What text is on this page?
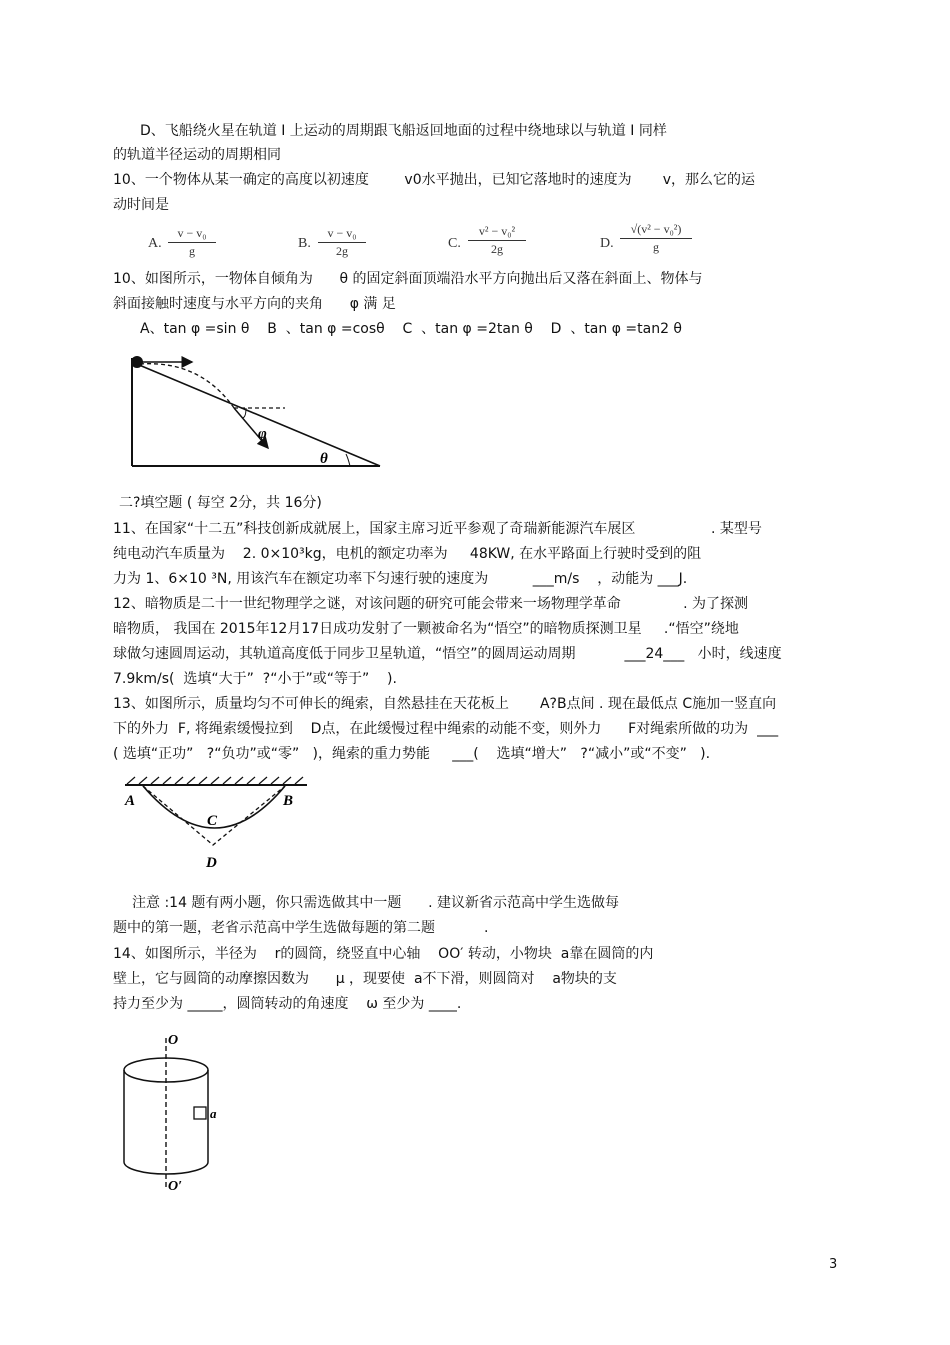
D、飞船绕火星在轨道 I 上运动的周期跟飞船返回地面的过程中绕地球以与轨道 I 同样
的轨道半径运动的周期相同
10、一个物体从某一确定的高度以初速度        v0水平抛出，已知它落地时的速度为       v，那么它的运
动时间是
A. $\frac{\text{v − v₀}}{g}$	B. $\frac{\text{v − v₀}}{2g}$	C. $\frac{\text{v² − v₀²}}{2g}$	D. $\frac{\text{√(v² − v₀²)}}{g}$
10、如图所示，一物体自倾角为      θ 的固定斜面顶端沿水平方向抛出后又落在斜面上、物体与
斜面接触时速度与水平方向的夹角      φ 满 足
A、tan φ =sin θ    B  、tan φ =cosθ    C  、tan φ =2tan θ    D  、tan φ =tan2 θ
φ
θ
二?填空题 ( 每空 2分，共 16分)
11、在国家“十二五”科技创新成就展上，国家主席习近平参观了奇瑞新能源汽车展区                 . 某型号
纯电动汽车质量为    2. 0×10³kg，电机的额定功率为     48KW, 在水平路面上行驶时受到的阻
力为 1、6×10 ³N, 用该汽车在额定功率下匀速行驶的速度为          ___m/s    ，动能为 ___J.
12、暗物质是二十一世纪物理学之谜，对该问题的研究可能会带来一场物理学革命              . 为了探测
暗物质， 我国在 2015年12月17日成功发射了一颗被命名为“悟空”的暗物质探测卫星     .“悟空”绕地
球做匀速圆周运动，其轨道高度低于同步卫星轨道，“悟空”的圆周运动周期           ___24___   小时，线速度
7.9km/s(  选填“大于”  ?“小于”或“等于”    ).
13、如图所示，质量均匀不可伸长的绳索，自然悬挂在天花板上       A?B点间 . 现在最低点 C施加一竖直向
下的外力  F, 将绳索缓慢拉到    D点，在此缓慢过程中绳索的动能不变，则外力      F对绳索所做的功为  ___
( 选填“正功”   ?“负功”或“零”   )，绳索的重力势能     ___(    选填“增大”   ?“减小”或“不变”   ).
A	B
C
D
注意 :14 题有两小题，你只需选做其中一题      . 建议新省示范高中学生选做每
题中的第一题，老省示范高中学生选做每题的第二题           .
14、如图所示，半径为    r的圆筒，绕竖直中心轴    OO′ 转动，小物块  a靠在圆筒的内
壁上，它与圆筒的动摩擦因数为      μ ，现要使  a不下滑，则圆筒对    a物块的支
持力至少为 _____，圆筒转动的角速度    ω 至少为 ____.
O
O′
a
3
